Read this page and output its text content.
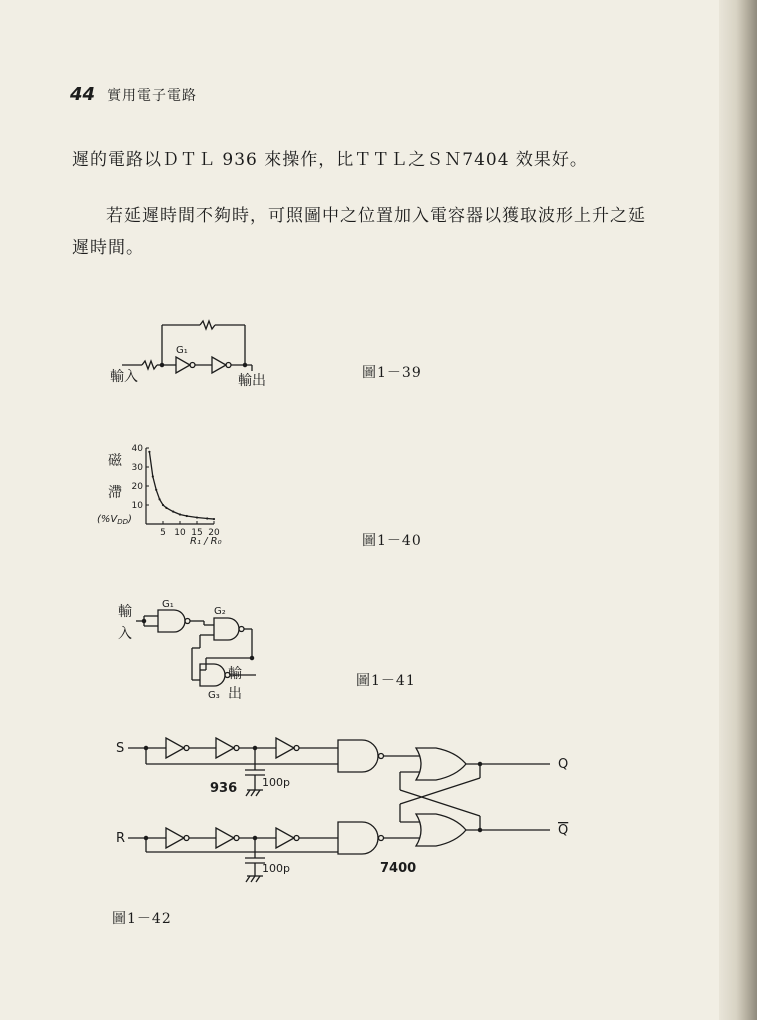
44 實用電子電路
遲的電路以ＤＴＬ 936 來操作，比ＴＴＬ之ＳＮ7404 效果好。
若延遲時間不夠時，可照圖中之位置加入電容器以獲取波形上升之延遲時間。
輸入	輸出
G₁
圖1－39
磁
滯
$(\%V_{DD})$
R₁ / R₀
10
20
30
40
5 10 15 20	圖1－40
輸
入
輸
出
G₁
G₂
G₃
圖1－41
S
R
Q
Q
100p
100p
936
7400
圖1－42
